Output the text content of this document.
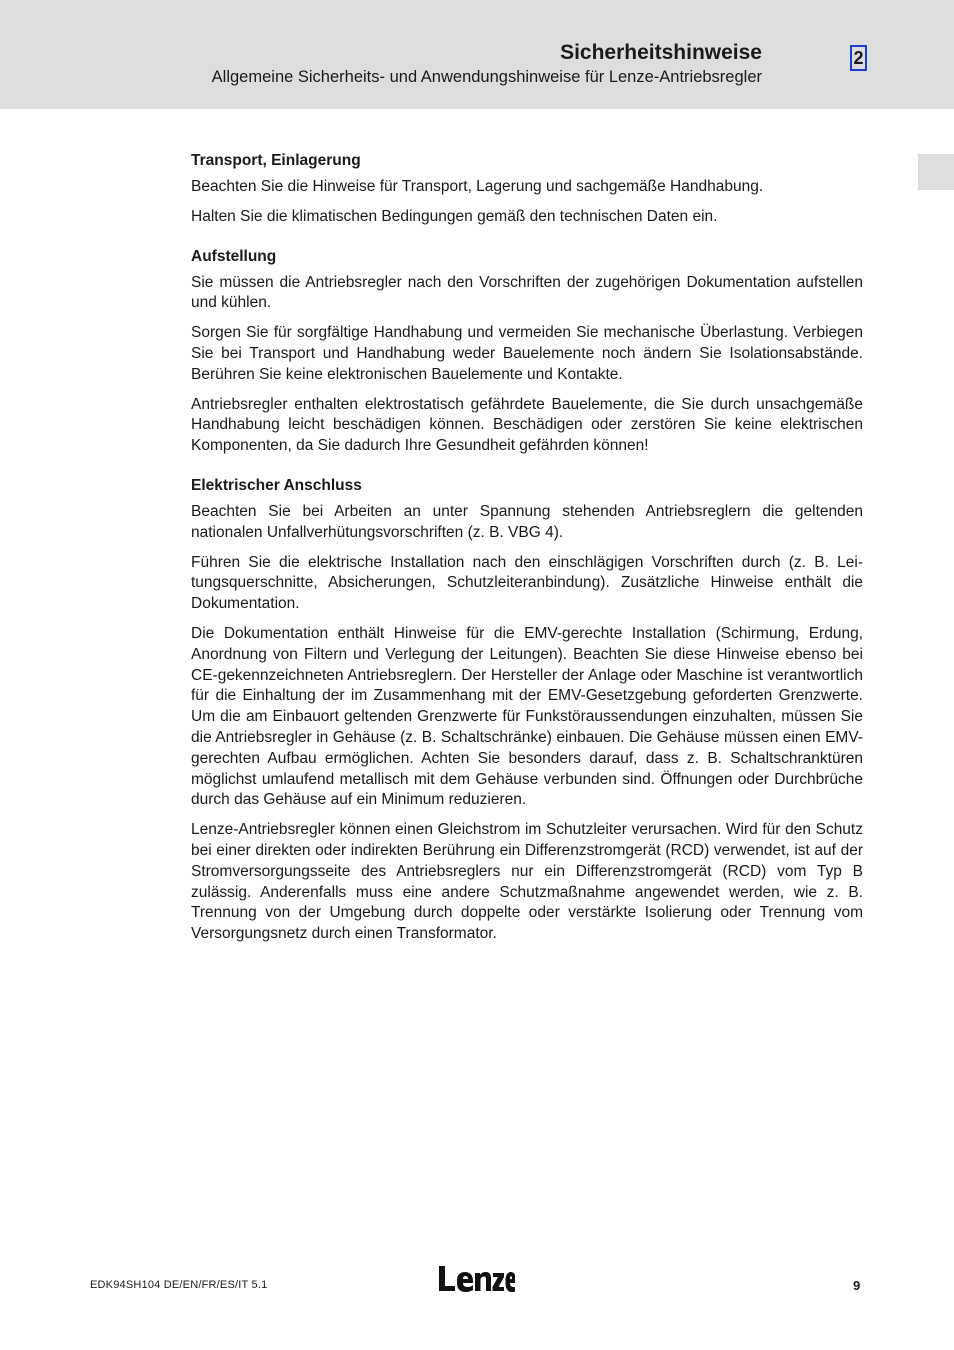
Sicherheitshinweise
Allgemeine Sicherheits- und Anwendungshinweise für Lenze-Antriebsregler
2
Transport, Einlagerung

Beachten Sie die Hinweise für Transport, Lagerung und sachgemäße Handhabung.

Halten Sie die klimatischen Bedingungen gemäß den technischen Daten ein.

Aufstellung

Sie müssen die Antriebsregler nach den Vorschriften der zugehörigen Dokumentation aufstellen und kühlen.

Sorgen Sie für sorgfältige Handhabung und vermeiden Sie mechanische Überlastung. Verbiegen Sie bei Transport und Handhabung weder Bauelemente noch ändern Sie Isolationsabstände. Berühren Sie keine elektronischen Bauelemente und Kontakte.

Antriebsregler enthalten elektrostatisch gefährdete Bauelemente, die Sie durch unsachgemäße Handhabung leicht beschädigen können. Beschädigen oder zerstören Sie keine elektrischen Komponenten, da Sie dadurch Ihre Gesundheit gefährden können!

Elektrischer Anschluss

Beachten Sie bei Arbeiten an unter Spannung stehenden Antriebsreglern die geltenden nationalen Unfallverhütungsvorschriften (z. B. VBG 4).

Führen Sie die elektrische Installation nach den einschlägigen Vorschriften durch (z. B. Leitungsquerschnitte, Absicherungen, Schutzleiteranbindung). Zusätzliche Hinweise enthält die Dokumentation.

Die Dokumentation enthält Hinweise für die EMV-gerechte Installation (Schirmung, Erdung, Anordnung von Filtern und Verlegung der Leitungen). Beachten Sie diese Hinweise ebenso bei CE-gekennzeichneten Antriebsreglern. Der Hersteller der Anlage oder Maschine ist verantwortlich für die Einhaltung der im Zusammenhang mit der EMV-Gesetzgebung geforderten Grenzwerte. Um die am Einbauort geltenden Grenzwerte für Funkstöraussendungen einzuhalten, müssen Sie die Antriebsregler in Gehäuse (z. B. Schaltschränke) einbauen. Die Gehäuse müssen einen EMV-gerechten Aufbau ermöglichen. Achten Sie besonders darauf, dass z. B. Schaltschranktüren möglichst umlaufend metallisch mit dem Gehäuse verbunden sind. Öffnungen oder Durchbrüche durch das Gehäuse auf ein Minimum reduzieren.

Lenze-Antriebsregler können einen Gleichstrom im Schutzleiter verursachen. Wird für den Schutz bei einer direkten oder indirekten Berührung ein Differenzstromgerät (RCD) verwendet, ist auf der Stromversorgungsseite des Antriebsreglers nur ein Differenzstromgerät (RCD) vom Typ B zulässig. Anderenfalls muss eine andere Schutzmaßnahme angewendet werden, wie z. B. Trennung von der Umgebung durch doppelte oder verstärkte Isolierung oder Trennung vom Versorgungsnetz durch einen Transformator.

EDK94SH104 DE/EN/FR/ES/IT 5.1	9
